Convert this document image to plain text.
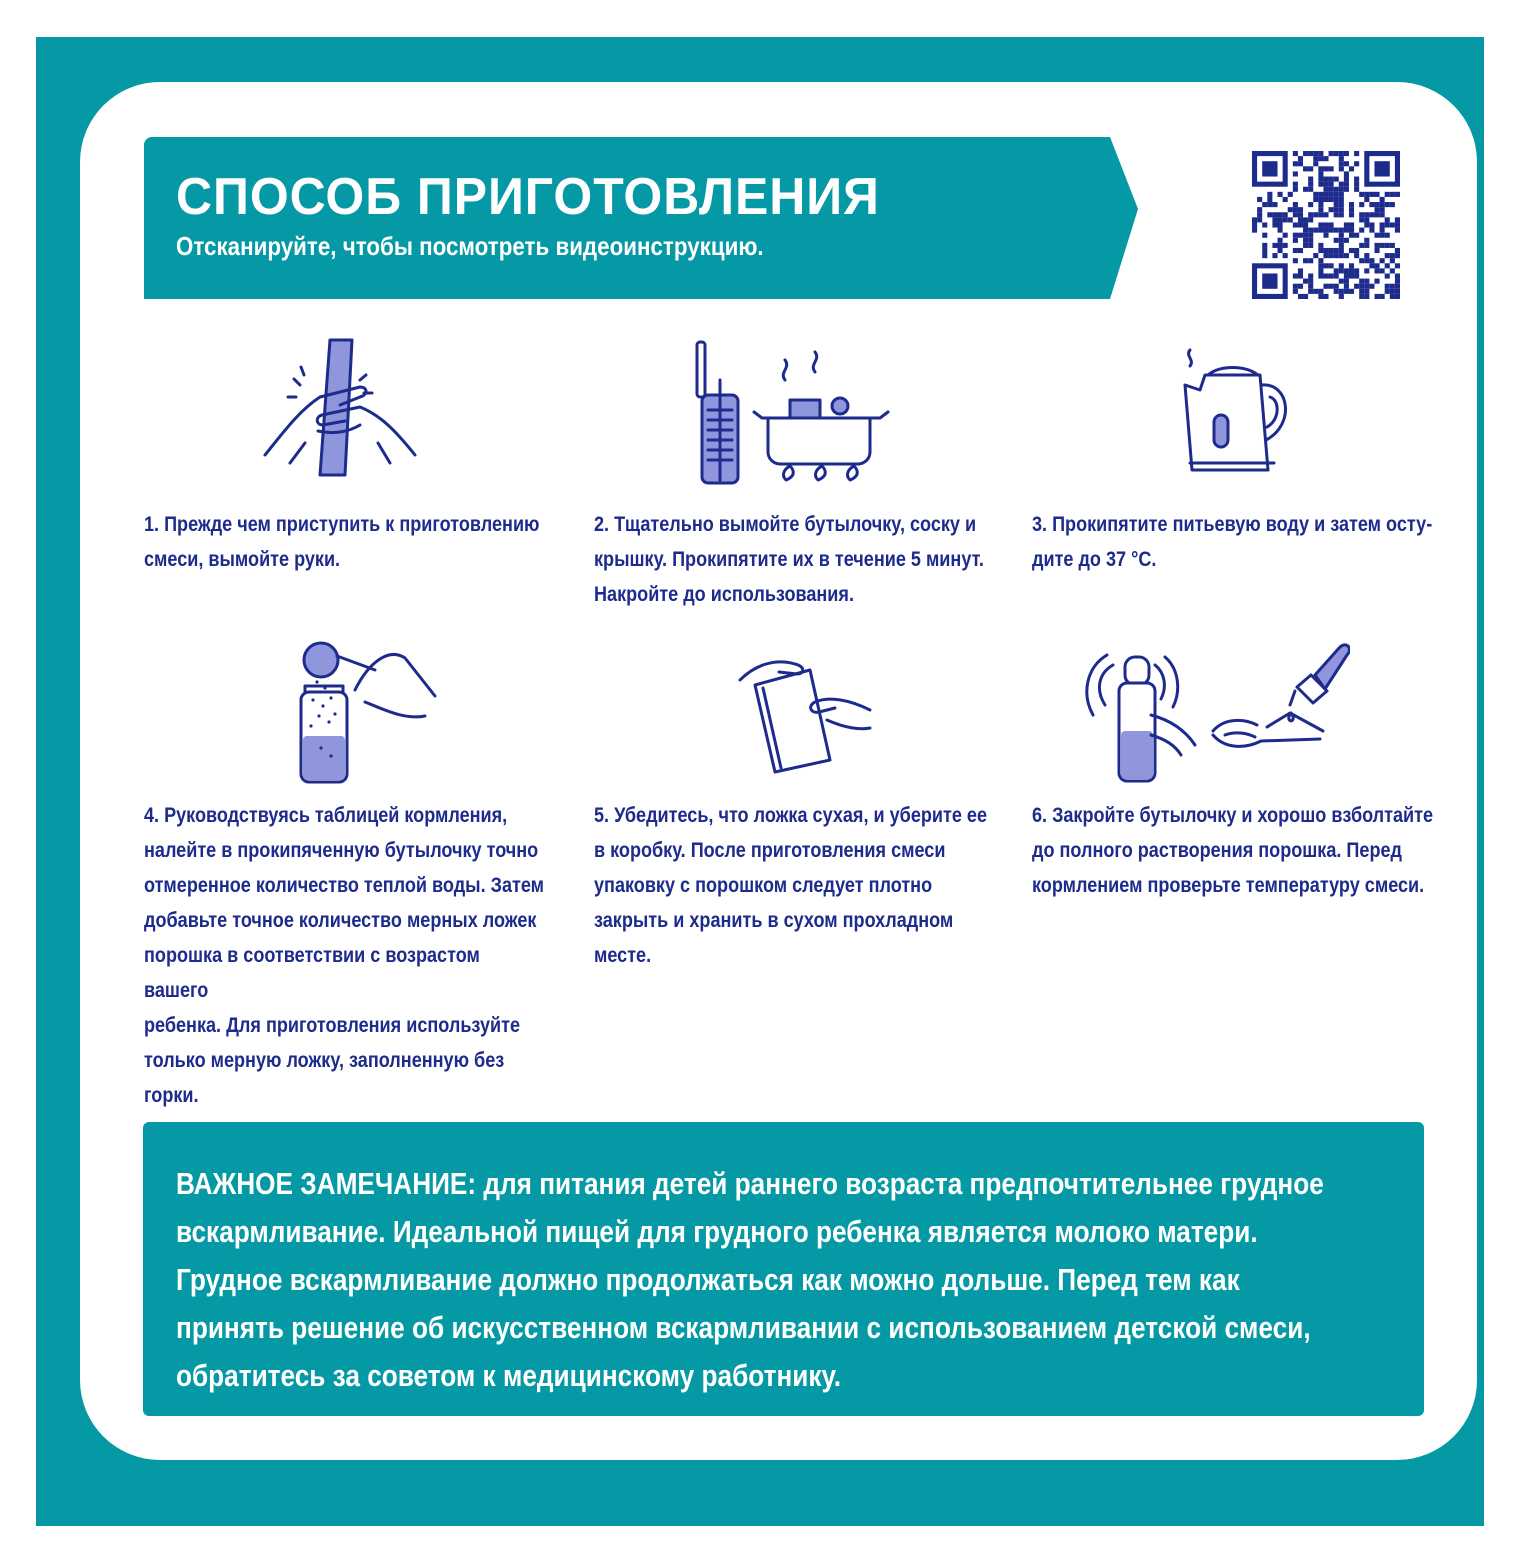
СПОСОБ ПРИГОТОВЛЕНИЯ
Отсканируйте, чтобы посмотреть видеоинструкцию.
1. Прежде чем приступить к приготовлению
смеси, вымойте руки.
2. Тщательно вымойте бутылочку, соску и
крышку. Прокипятите их в течение 5 минут.
Накройте до использования.
3. Прокипятите питьевую воду и затем осту-
дите до 37 °С.
4. Руководствуясь таблицей кормления,
налейте в прокипяченную бутылочку точно
отмеренное количество теплой воды. Затем
добавьте точное количество мерных ложек
порошка в соответствии с возрастом вашего
ребенка. Для приготовления используйте
только мерную ложку, заполненную без
горки.
5. Убедитесь, что ложка сухая, и уберите ее
в коробку. После приготовления смеси
упаковку с порошком следует плотно
закрыть и хранить в сухом прохладном
месте.
6. Закройте бутылочку и хорошо взболтайте
до полного растворения порошка. Перед
кормлением проверьте температуру смеси.
ВАЖНОЕ ЗАМЕЧАНИЕ: для питания детей раннего возраста предпочтительнее грудное
вскармливание. Идеальной пищей для грудного ребенка является молоко матери.
Грудное вскармливание должно продолжаться как можно дольше. Перед тем как
принять решение об искусственном вскармливании с использованием детской смеси,
обратитесь за советом к медицинскому работнику.
